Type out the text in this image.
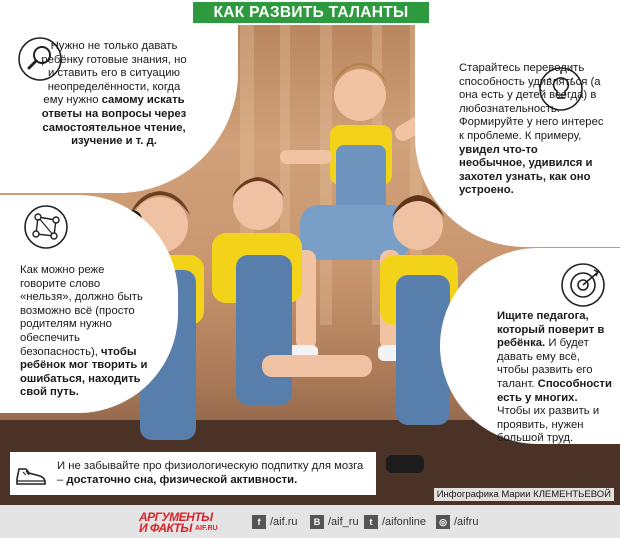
КАК РАЗВИТЬ ТАЛАНТЫ

Нужно не только давать ребёнку готовые знания, но и ставить его в ситуацию неопределённости, когда ему нужно самому искать ответы на вопросы через самостоятельное чтение, изучение и т. д.

Старайтесь переводить способность удивляться (а она есть у детей всегда) в любознательность. Формируйте у него интерес к проблеме. К примеру, увидел что-то необычное, удивился и захотел узнать, как оно устроено.

Как можно реже говорите слово «нельзя», должно быть возможно всё (просто родителям нужно обеспечить безопасность), чтобы ребёнок мог творить и ошибаться, находить свой путь.

Ищите педагога, который поверит в ребёнка. И будет давать ему всё, чтобы развить его талант. Способности есть у многих. Чтобы их развить и проявить, нужен большой труд.

И не забывайте про физиологическую подпитку для мозга – достаточно сна, физической активности.

Инфографика Марии КЛЕМЕНТЬЕВОЙ
АРГУМЕНТЫ
И ФАКТЫ AIF.RU
f /aif.ru	В /aif_ru	t /aifonline	◎ /aifru
